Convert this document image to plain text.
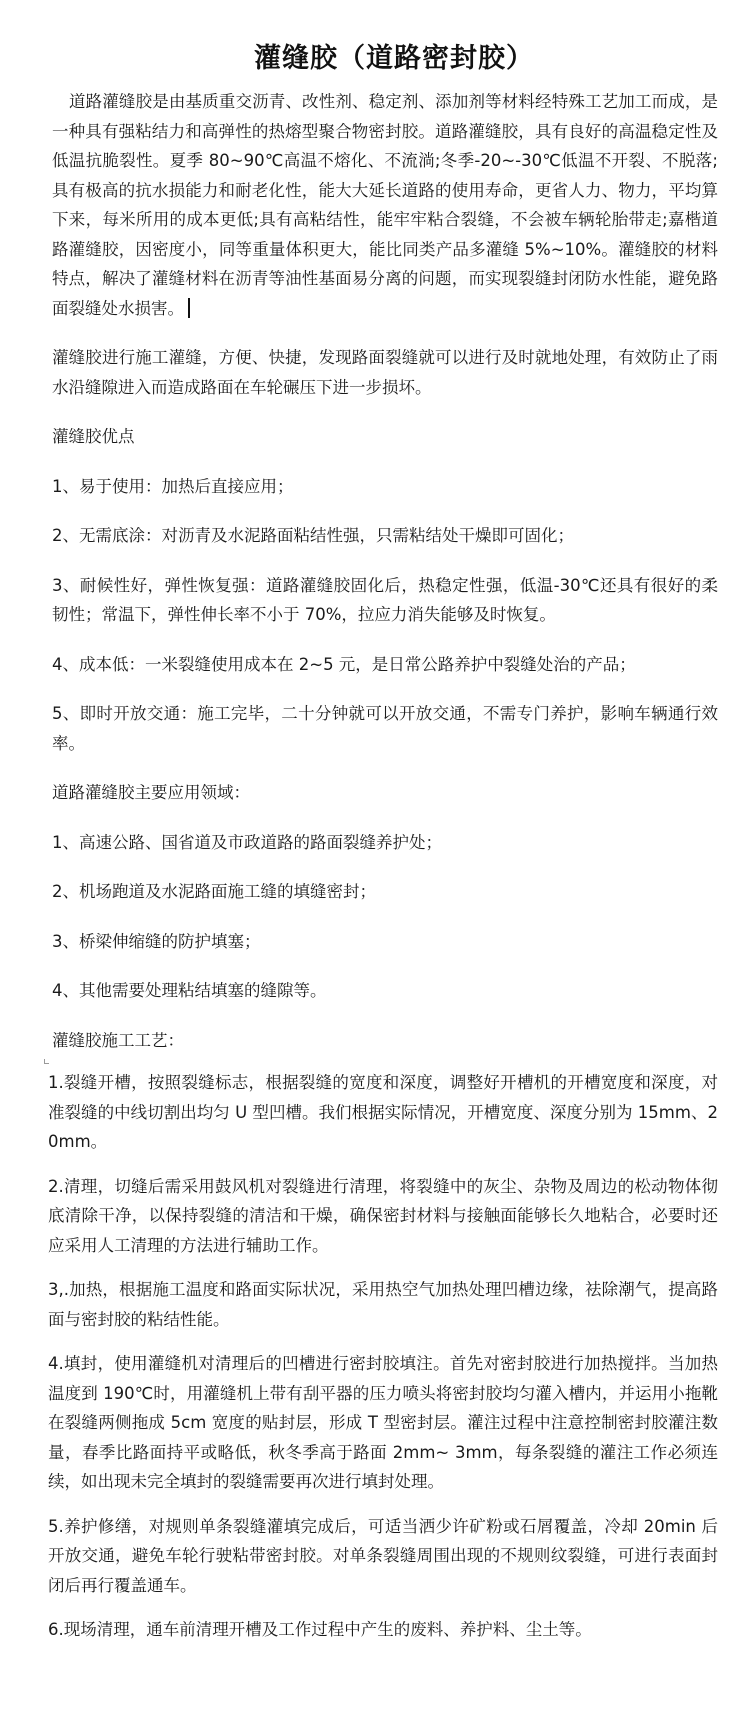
灌缝胶（道路密封胶）

道路灌缝胶是由基质重交沥青、改性剂、稳定剂、添加剂等材料经特殊工艺加工而成，是一种具有强粘结力和高弹性的热熔型聚合物密封胶。道路灌缝胶，具有良好的高温稳定性及低温抗脆裂性。夏季 80~90℃高温不熔化、不流淌;冬季-20~-30℃低温不开裂、不脱落;具有极高的抗水损能力和耐老化性，能大大延长道路的使用寿命，更省人力、物力，平均算下来，每米所用的成本更低;具有高粘结性，能牢牢粘合裂缝，不会被车辆轮胎带走;嘉楷道路灌缝胶，因密度小，同等重量体积更大，能比同类产品多灌缝 5%~10%。灌缝胶的材料特点，解决了灌缝材料在沥青等油性基面易分离的问题，而实现裂缝封闭防水性能，避免路面裂缝处水损害。

灌缝胶进行施工灌缝，方便、快捷，发现路面裂缝就可以进行及时就地处理，有效防止了雨水沿缝隙进入而造成路面在车轮碾压下进一步损坏。

灌缝胶优点

1、易于使用：加热后直接应用；

2、无需底涂：对沥青及水泥路面粘结性强，只需粘结处干燥即可固化；

3、耐候性好，弹性恢复强：道路灌缝胶固化后，热稳定性强，低温-30℃还具有很好的柔韧性；常温下，弹性伸长率不小于 70%，拉应力消失能够及时恢复。

4、成本低：一米裂缝使用成本在 2~5 元，是日常公路养护中裂缝处治的产品；

5、即时开放交通：施工完毕，二十分钟就可以开放交通，不需专门养护，影响车辆通行效率。

道路灌缝胶主要应用领域：

1、高速公路、国省道及市政道路的路面裂缝养护处；

2、机场跑道及水泥路面施工缝的填缝密封；

3、桥梁伸缩缝的防护填塞；

4、其他需要处理粘结填塞的缝隙等。

灌缝胶施工工艺：

1.裂缝开槽，按照裂缝标志，根据裂缝的宽度和深度，调整好开槽机的开槽宽度和深度，对准裂缝的中线切割出均匀 U 型凹槽。我们根据实际情况，开槽宽度、深度分别为 15mm、20mm。

2.清理，切缝后需采用鼓风机对裂缝进行清理，将裂缝中的灰尘、杂物及周边的松动物体彻底清除干净，以保持裂缝的清洁和干燥，确保密封材料与接触面能够长久地粘合，必要时还应采用人工清理的方法进行辅助工作。

3,.加热，根据施工温度和路面实际状况，采用热空气加热处理凹槽边缘，祛除潮气，提高路面与密封胶的粘结性能。

4.填封，使用灌缝机对清理后的凹槽进行密封胶填注。首先对密封胶进行加热搅拌。当加热温度到 190℃时，用灌缝机上带有刮平器的压力喷头将密封胶均匀灌入槽内，并运用小拖靴在裂缝两侧拖成 5cm 宽度的贴封层，形成 T 型密封层。灌注过程中注意控制密封胶灌注数量，春季比路面持平或略低，秋冬季高于路面 2mm~ 3mm，每条裂缝的灌注工作必须连续，如出现未完全填封的裂缝需要再次进行填封处理。

5.养护修缮，对规则单条裂缝灌填完成后，可适当洒少许矿粉或石屑覆盖，冷却 20min 后开放交通，避免车轮行驶粘带密封胶。对单条裂缝周围出现的不规则纹裂缝，可进行表面封闭后再行覆盖通车。

6.现场清理，通车前清理开槽及工作过程中产生的废料、养护料、尘土等。
